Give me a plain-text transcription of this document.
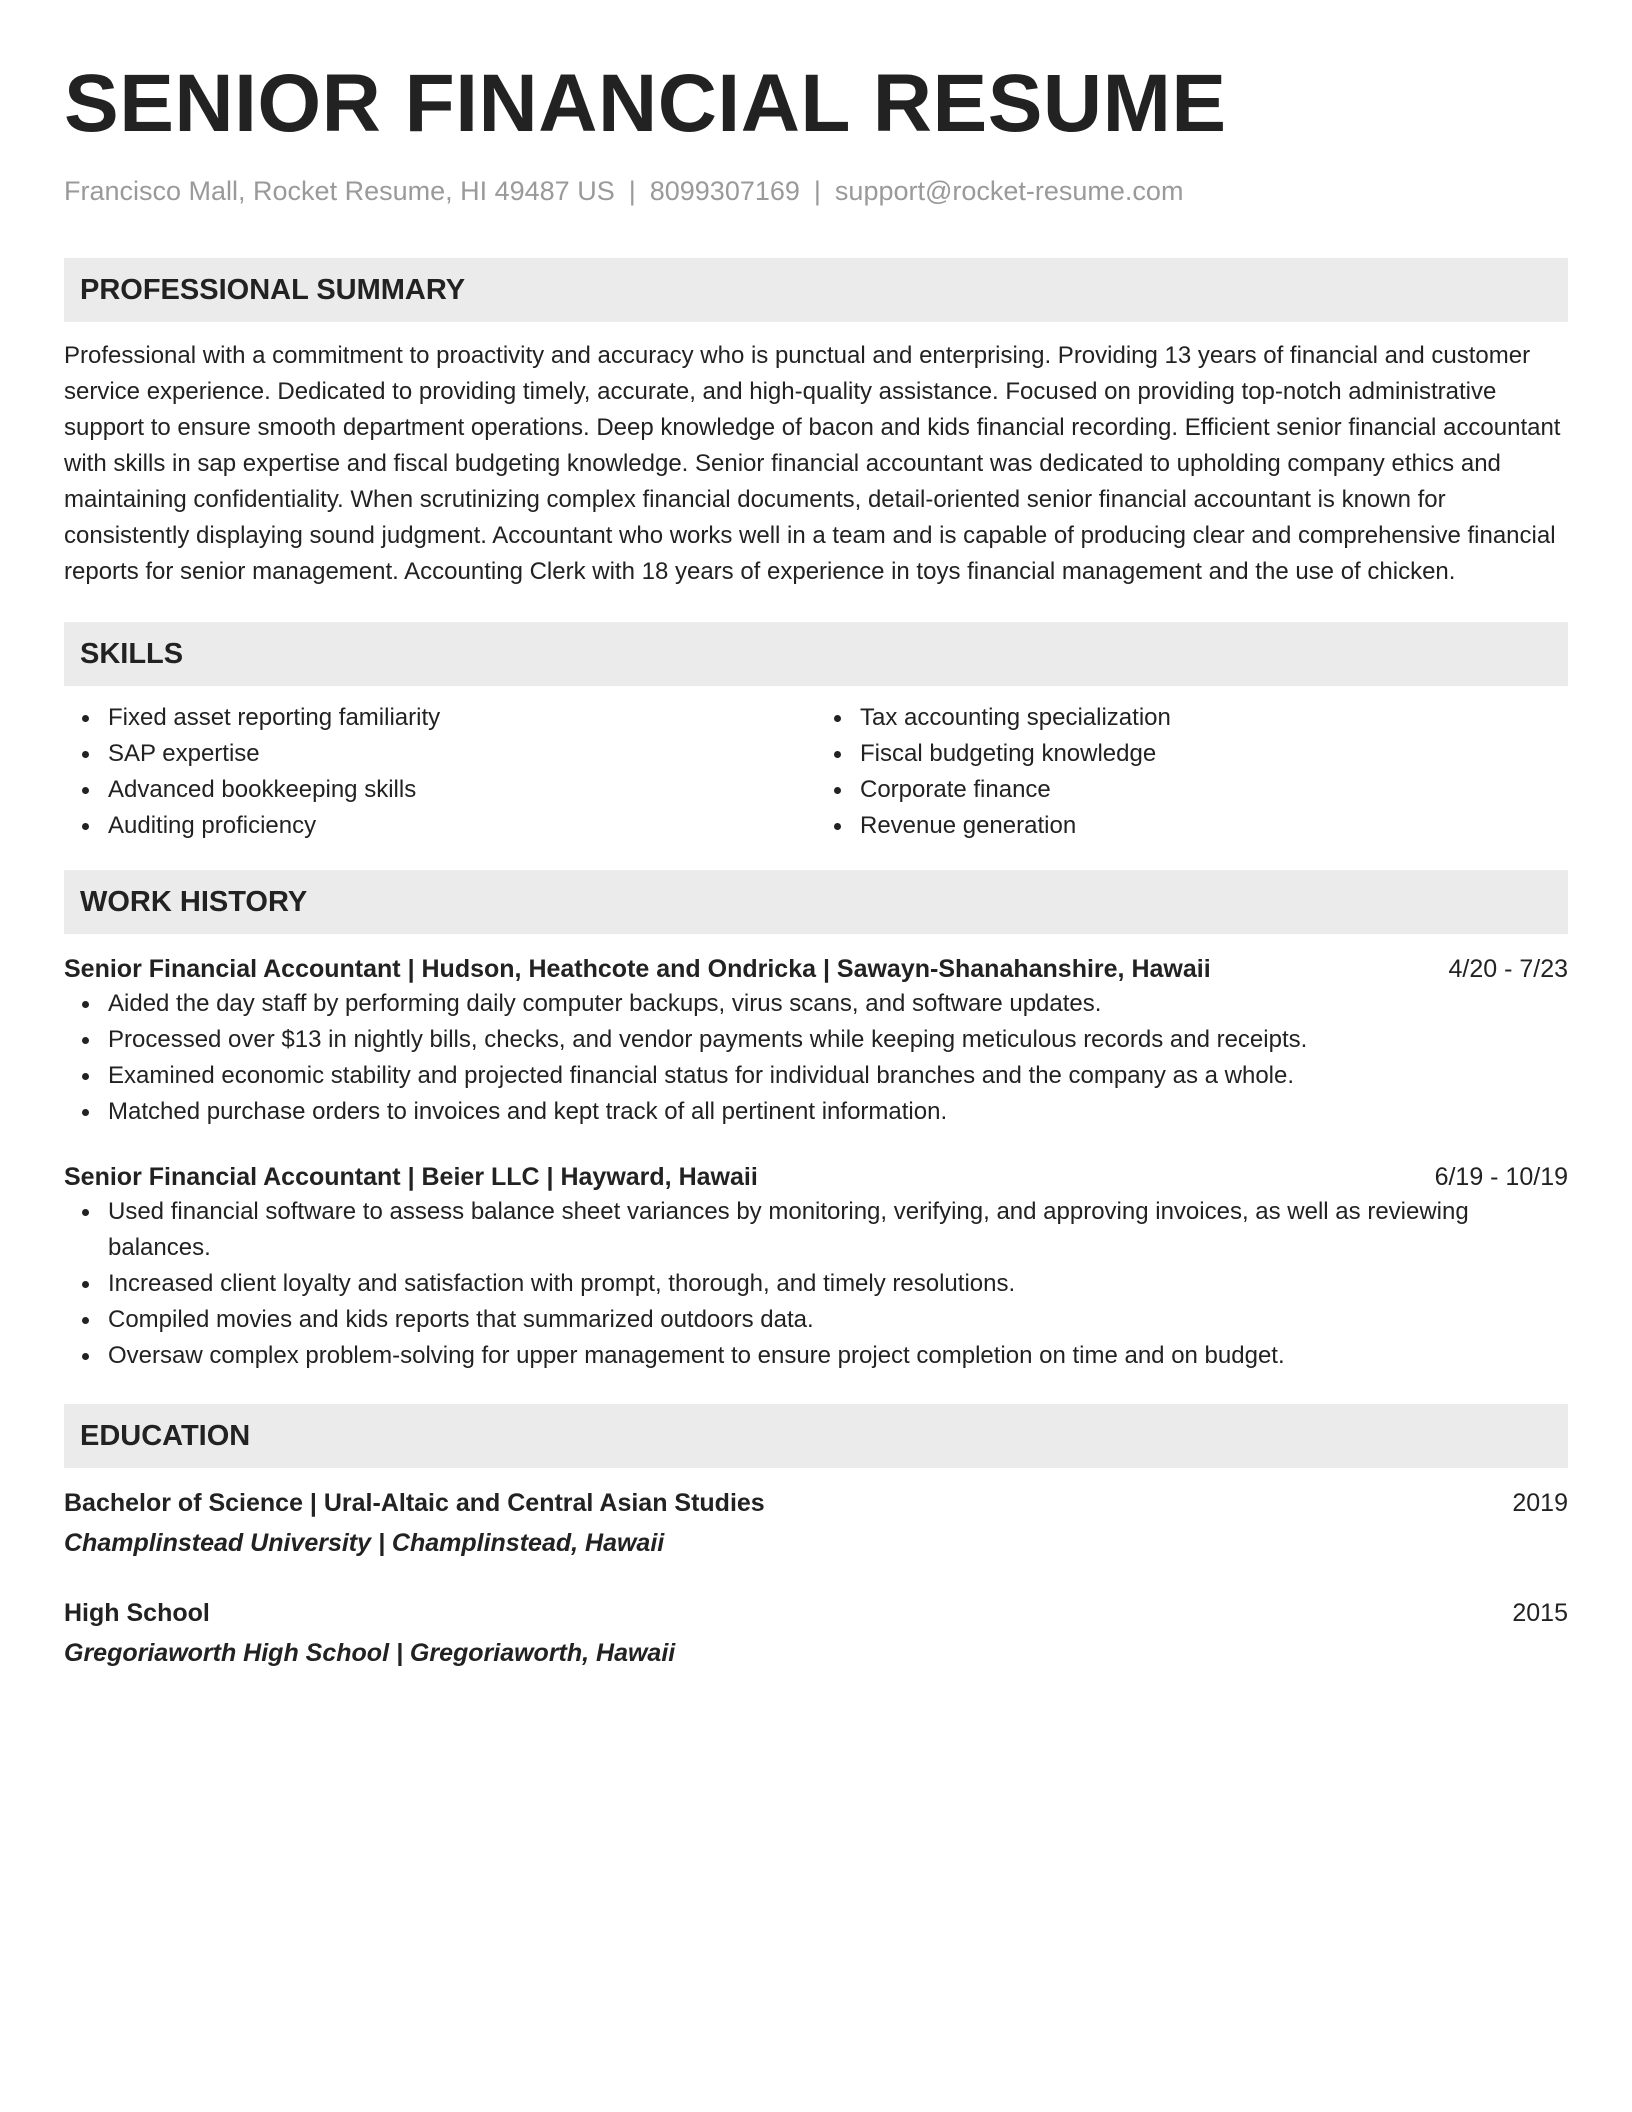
SENIOR FINANCIAL RESUME
Francisco Mall, Rocket Resume, HI 49487 US | 8099307169 | support@rocket-resume.com
PROFESSIONAL SUMMARY
Professional with a commitment to proactivity and accuracy who is punctual and enterprising. Providing 13 years of financial and customer service experience. Dedicated to providing timely, accurate, and high-quality assistance. Focused on providing top-notch administrative support to ensure smooth department operations. Deep knowledge of bacon and kids financial recording. Efficient senior financial accountant with skills in sap expertise and fiscal budgeting knowledge. Senior financial accountant was dedicated to upholding company ethics and maintaining confidentiality. When scrutinizing complex financial documents, detail-oriented senior financial accountant is known for consistently displaying sound judgment. Accountant who works well in a team and is capable of producing clear and comprehensive financial reports for senior management. Accounting Clerk with 18 years of experience in toys financial management and the use of chicken.
SKILLS
Fixed asset reporting familiarity
SAP expertise
Advanced bookkeeping skills
Auditing proficiency
Tax accounting specialization
Fiscal budgeting knowledge
Corporate finance
Revenue generation
WORK HISTORY
Senior Financial Accountant | Hudson, Heathcote and Ondricka | Sawayn-Shanahanshire, Hawaii	4/20 - 7/23
Aided the day staff by performing daily computer backups, virus scans, and software updates.
Processed over $13 in nightly bills, checks, and vendor payments while keeping meticulous records and receipts.
Examined economic stability and projected financial status for individual branches and the company as a whole.
Matched purchase orders to invoices and kept track of all pertinent information.
Senior Financial Accountant | Beier LLC | Hayward, Hawaii	6/19 - 10/19
Used financial software to assess balance sheet variances by monitoring, verifying, and approving invoices, as well as reviewing balances.
Increased client loyalty and satisfaction with prompt, thorough, and timely resolutions.
Compiled movies and kids reports that summarized outdoors data.
Oversaw complex problem-solving for upper management to ensure project completion on time and on budget.
EDUCATION
Bachelor of Science | Ural-Altaic and Central Asian Studies	2019
Champlinstead University | Champlinstead, Hawaii
High School	2015
Gregoriaworth High School | Gregoriaworth, Hawaii
